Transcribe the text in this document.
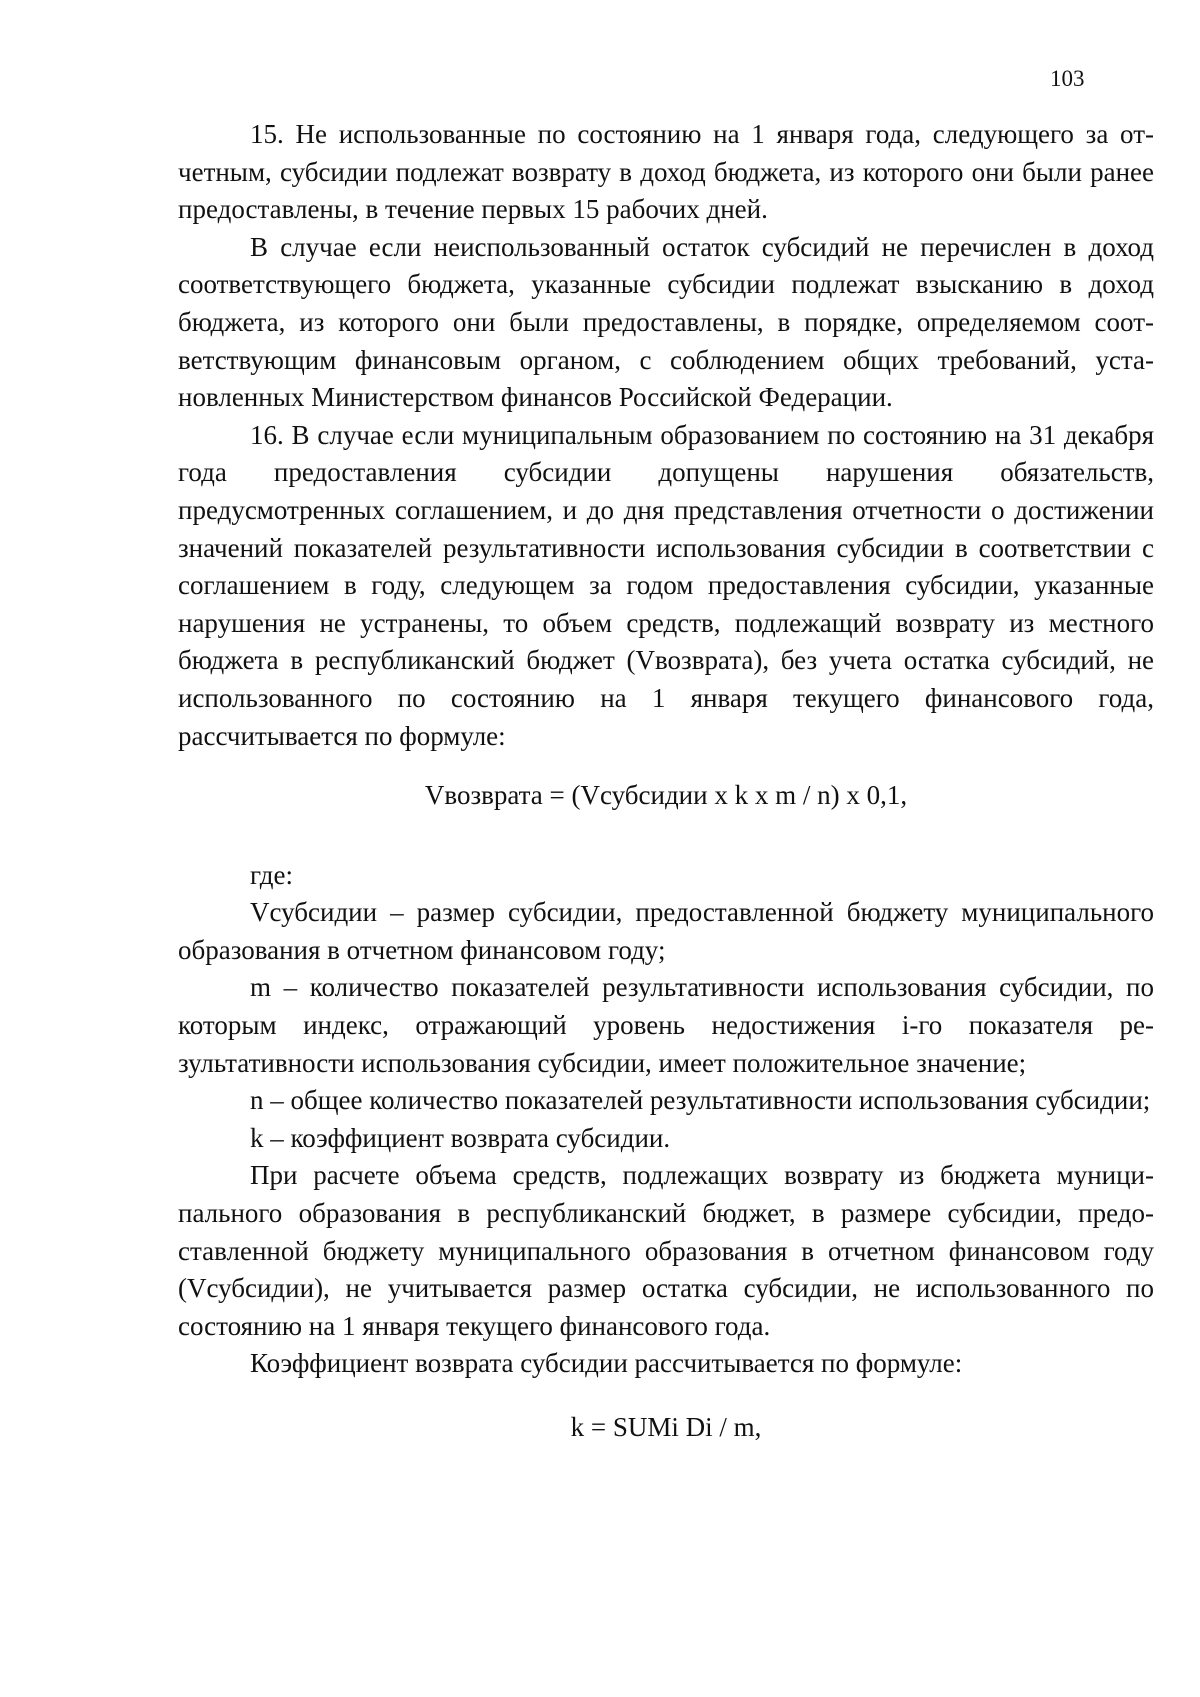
103

15. Не использованные по состоянию на 1 января года, следующего за отчетным, субсидии подлежат возврату в доход бюджета, из которого они были ранее предоставлены, в течение первых 15 рабочих дней.

В случае если неиспользованный остаток субсидий не перечислен в доход соответствующего бюджета, указанные субсидии подлежат взысканию в доход бюджета, из которого они были предоставлены, в порядке, определяемом соответствующим финансовым органом, с соблюдением общих требований, установленных Министерством финансов Российской Федерации.

16. В случае если муниципальным образованием по состоянию на 31 декабря года предоставления субсидии допущены нарушения обязательств, предусмотренных соглашением, и до дня представления отчетности о достижении значений показателей результативности использования субсидии в соответствии с соглашением в году, следующем за годом предоставления субсидии, указанные нарушения не устранены, то объем средств, подлежащий возврату из местного бюджета в республиканский бюджет (Vвозврата), без учета остатка субсидий, не использованного по состоянию на 1 января текущего финансового года, рассчитывается по формуле:

Vвозврата = (Vсубсидии x k x m / n) x 0,1,

где:

Vсубсидии – размер субсидии, предоставленной бюджету муниципального образования в отчетном финансовом году;

m – количество показателей результативности использования субсидии, по которым индекс, отражающий уровень недостижения i-го показателя результативности использования субсидии, имеет положительное значение;

n – общее количество показателей результативности использования субсидии;

k – коэффициент возврата субсидии.

При расчете объема средств, подлежащих возврату из бюджета муниципального образования в республиканский бюджет, в размере субсидии, предоставленной бюджету муниципального образования в отчетном финансовом году (Vсубсидии), не учитывается размер остатка субсидии, не использованного по состоянию на 1 января текущего финансового года.

Коэффициент возврата субсидии рассчитывается по формуле:

k = SUMi Di / m,
